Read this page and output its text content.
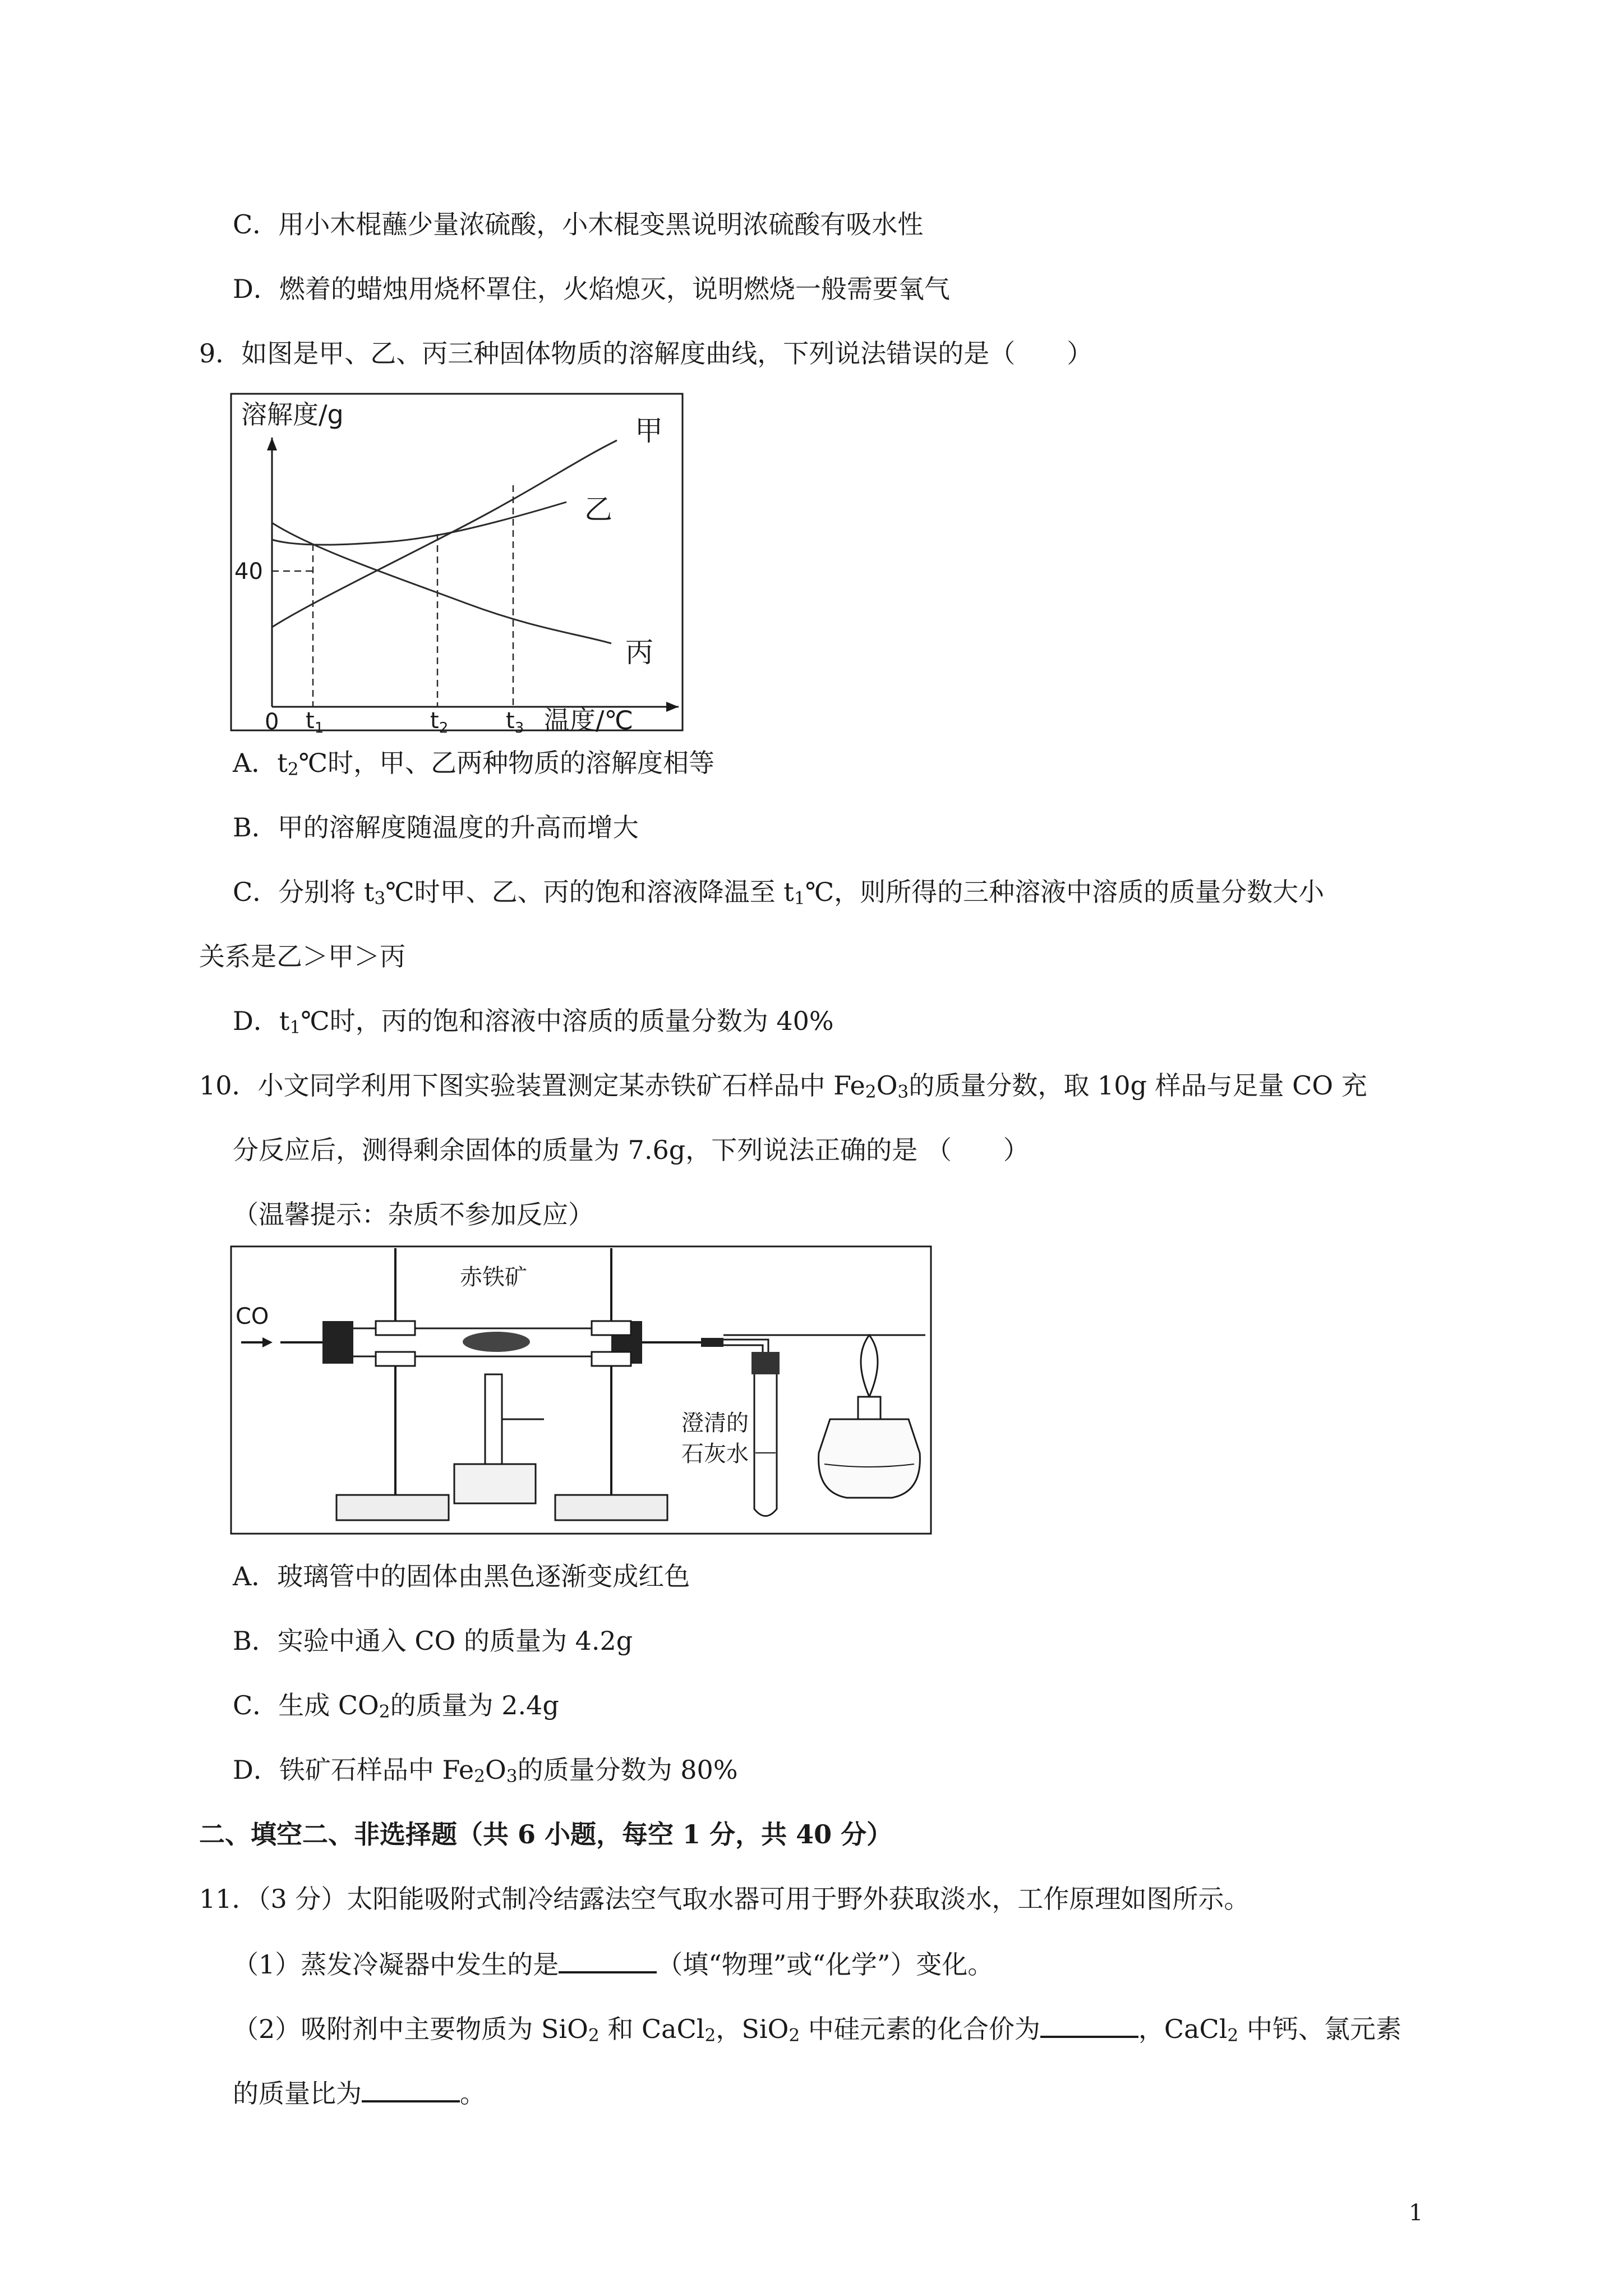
C．用小木棍蘸少量浓硫酸，小木棍变黑说明浓硫酸有吸水性
D．燃着的蜡烛用烧杯罩住，火焰熄灭，说明燃烧一般需要氧气
9．如图是甲、乙、丙三种固体物质的溶解度曲线，下列说法错误的是（　　）
溶解度/g
温度/℃
40
0 $t_1$	$t_2$	$t_3$
甲
乙
丙
A．$t_2℃$时，甲、乙两种物质的溶解度相等
B．甲的溶解度随温度的升高而增大
C．分别将 $t_3℃$时甲、乙、丙的饱和溶液降温至 $t_1℃$，则所得的三种溶液中溶质的质量分数大小
关系是乙＞甲＞丙
D．$t_1℃$时，丙的饱和溶液中溶质的质量分数为 40%
10．小文同学利用下图实验装置测定某赤铁矿石样品中 $Fe_2O_3$的质量分数，取 10g 样品与足量 CO 充
分反应后，测得剩余固体的质量为 7.6g，下列说法正确的是 （　　）
（温馨提示：杂质不参加反应）
CO
赤铁矿
澄清的
石灰水
A．玻璃管中的固体由黑色逐渐变成红色
B．实验中通入 CO 的质量为 4.2g
C．生成 $CO_2$的质量为 2.4g
D．铁矿石样品中 $Fe_2O_3$的质量分数为 80%
二、填空二、非选择题（共 6 小题，每空 1 分，共 40 分）
11．（3 分）太阳能吸附式制冷结露法空气取水器可用于野外获取淡水，工作原理如图所示。
（1）蒸发冷凝器中发生的是	（填“物理”或“化学”）变化。
（2）吸附剂中主要物质为 SiO$_2$ 和 CaCl$_2$，SiO$_2$ 中硅元素的化合价为	，CaCl$_2$ 中钙、氯元素
的质量比为	。
1
